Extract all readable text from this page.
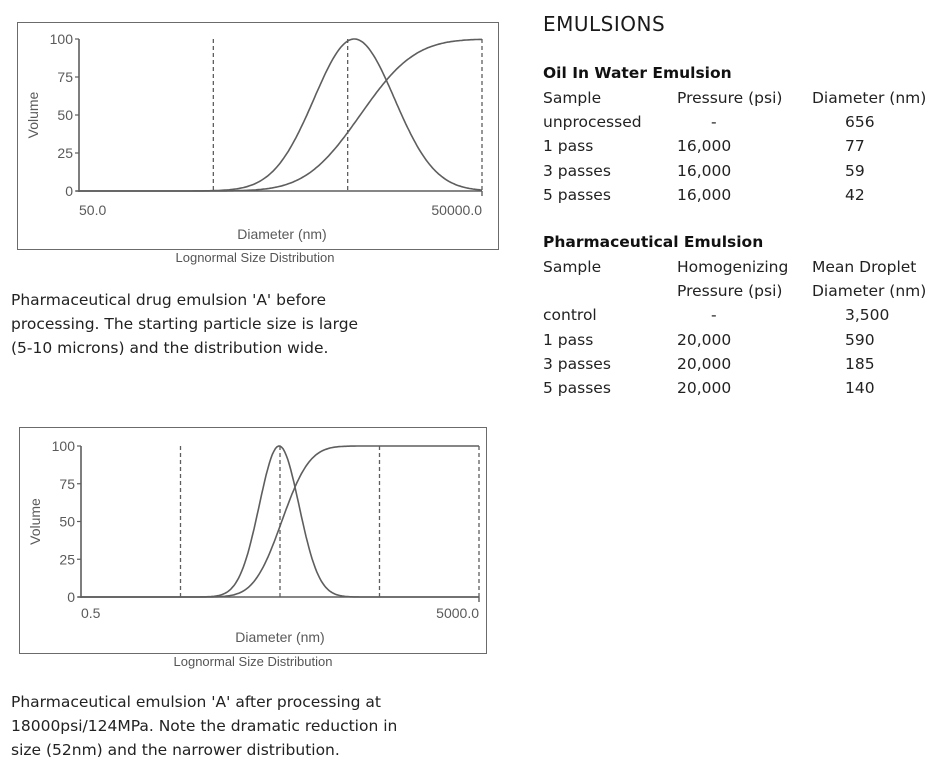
0
25
50
75
100
50.0	50000.0
Diameter (nm)
Volume
Lognormal Size Distribution
Pharmaceutical drug emulsion 'A' before
processing. The starting particle size is large
(5-10 microns) and the distribution wide.
0
25
50
75
100
0.5	5000.0
Diameter (nm)
Volume
Lognormal Size Distribution
Pharmaceutical emulsion 'A' after processing at
18000psi/124MPa. Note the dramatic reduction in
size (52nm) and the narrower distribution.
EMULSIONS
Oil In Water Emulsion
Sample	Pressure (psi)	Diameter (nm)
unprocessed	-	656
1 pass	16,000	77
3 passes	16,000	59
5 passes	16,000	42
Pharmaceutical Emulsion
Sample	Homogenizing	Mean Droplet
Pressure (psi)	Diameter (nm)
control	-	3,500
1 pass	20,000	590
3 passes	20,000	185
5 passes	20,000	140
